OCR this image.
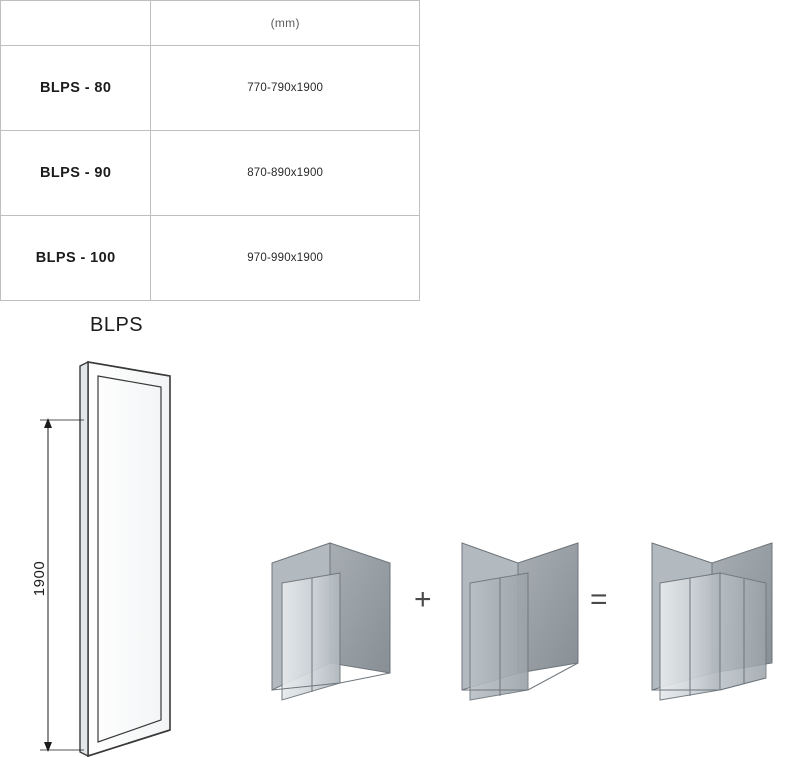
	(mm)
BLPS - 80	770-790x1900
BLPS - 90	870-890x1900
BLPS - 100	970-990x1900
BLPS
1900
+	=
